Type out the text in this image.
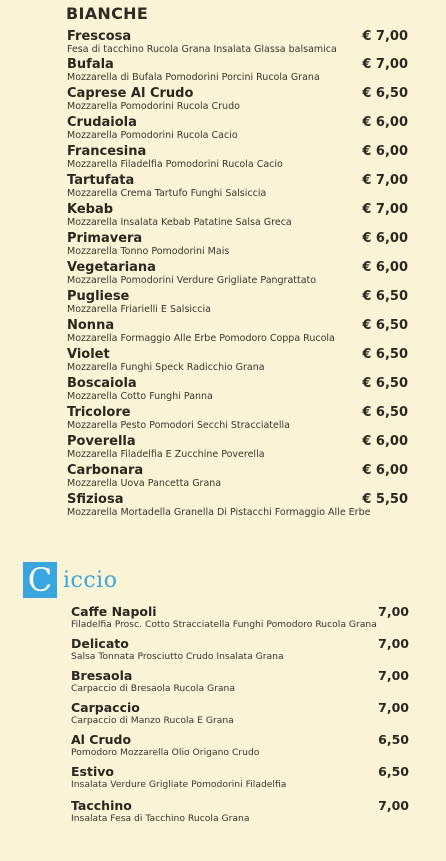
BIANCHE
Frescosa
Fesa di tacchino Rucola Grana Insalata Glassa balsamica
€ 7,00
Bufala
Mozzarella di Bufala Pomodorini Porcini Rucola Grana
€ 7,00
Caprese Al Crudo
Mozzarella Pomodorini Rucola Crudo
€ 6,50
Crudaiola
Mozzarella Pomodorini Rucola Cacio
€ 6,00
Francesina
Mozzarella Filadelfia Pomodorini Rucola Cacio
€ 6,00
Tartufata
Mozzarella Crema Tartufo Funghi Salsiccia
€ 7,00
Kebab
Mozzarella Insalata Kebab Patatine Salsa Greca
€ 7,00
Primavera
Mozzarella Tonno Pomodorini Mais
€ 6,00
Vegetariana
Mozzarella Pomodorini Verdure Grigliate Pangrattato
€ 6,00
Pugliese
Mozzarella Friarielli E Salsiccia
€ 6,50
Nonna
Mozzarella Formaggio Alle Erbe Pomodoro Coppa Rucola
€ 6,50
Violet
Mozzarella Funghi Speck Radicchio Grana
€ 6,50
Boscaiola
Mozzarella Cotto Funghi Panna
€ 6,50
Tricolore
Mozzarella Pesto Pomodori Secchi Stracciatella
€ 6,50
Poverella
Mozzarella Filadelfia E Zucchine Poverella
€ 6,00
Carbonara
Mozzarella Uova Pancetta Grana
€ 6,00
Sfiziosa
Mozzarella Mortadella Granella Di Pistacchi Formaggio Alle Erbe
€ 5,50
C iccio
Caffe Napoli
Filadelfia Prosc. Cotto Stracciatella Funghi Pomodoro Rucola Grana
7,00
Delicato
Salsa Tonnata Prosciutto Crudo Insalata Grana
7,00
Bresaola
Carpaccio di Bresaola Rucola Grana
7,00
Carpaccio
Carpaccio di Manzo Rucola E Grana
7,00
Al Crudo
Pomodoro Mozzarella Olio Origano Crudo
6,50
Estivo
Insalata Verdure Grigliate Pomodorini Filadelfia
6,50
Tacchino
Insalata Fesa di Tacchino Rucola Grana
7,00
